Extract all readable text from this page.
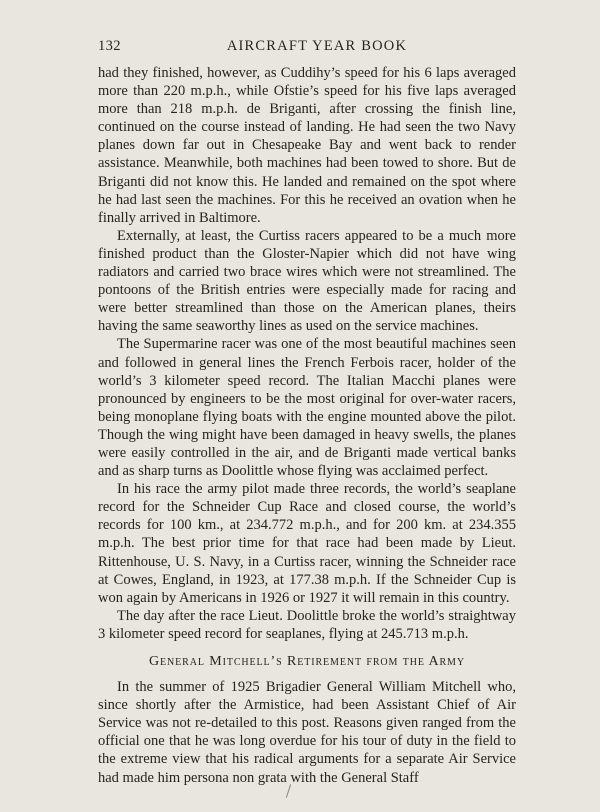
132	AIRCRAFT YEAR BOOK

had they finished, however, as Cuddihy’s speed for his 6 laps averaged more than 220 m.p.h., while Ofstie’s speed for his five laps averaged more than 218 m.p.h. de Briganti, after crossing the finish line, continued on the course instead of landing. He had seen the two Navy planes down far out in Chesapeake Bay and went back to render assistance. Meanwhile, both machines had been towed to shore. But de Briganti did not know this. He landed and remained on the spot where he had last seen the machines. For this he received an ovation when he finally arrived in Baltimore.

Externally, at least, the Curtiss racers appeared to be a much more finished product than the Gloster-Napier which did not have wing radiators and carried two brace wires which were not streamlined. The pontoons of the British entries were especially made for racing and were better streamlined than those on the American planes, theirs having the same seaworthy lines as used on the service machines.

The Supermarine racer was one of the most beautiful machines seen and followed in general lines the French Ferbois racer, holder of the world’s 3 kilometer speed record. The Italian Macchi planes were pronounced by engineers to be the most original for over-water racers, being monoplane flying boats with the engine mounted above the pilot. Though the wing might have been damaged in heavy swells, the planes were easily controlled in the air, and de Briganti made vertical banks and as sharp turns as Doolittle whose flying was acclaimed perfect.

In his race the army pilot made three records, the world’s seaplane record for the Schneider Cup Race and closed course, the world’s records for 100 km., at 234.772 m.p.h., and for 200 km. at 234.355 m.p.h. The best prior time for that race had been made by Lieut. Rittenhouse, U. S. Navy, in a Curtiss racer, winning the Schneider race at Cowes, England, in 1923, at 177.38 m.p.h. If the Schneider Cup is won again by Americans in 1926 or 1927 it will remain in this country.

The day after the race Lieut. Doolittle broke the world’s straightway 3 kilometer speed record for seaplanes, flying at 245.713 m.p.h.

General Mitchell’s Retirement from the Army

In the summer of 1925 Brigadier General William Mitchell who, since shortly after the Armistice, had been Assistant Chief of Air Service was not re-detailed to this post. Reasons given ranged from the official one that he was long overdue for his tour of duty in the field to the extreme view that his radical arguments for a separate Air Service had made him persona non grata with the General Staff
